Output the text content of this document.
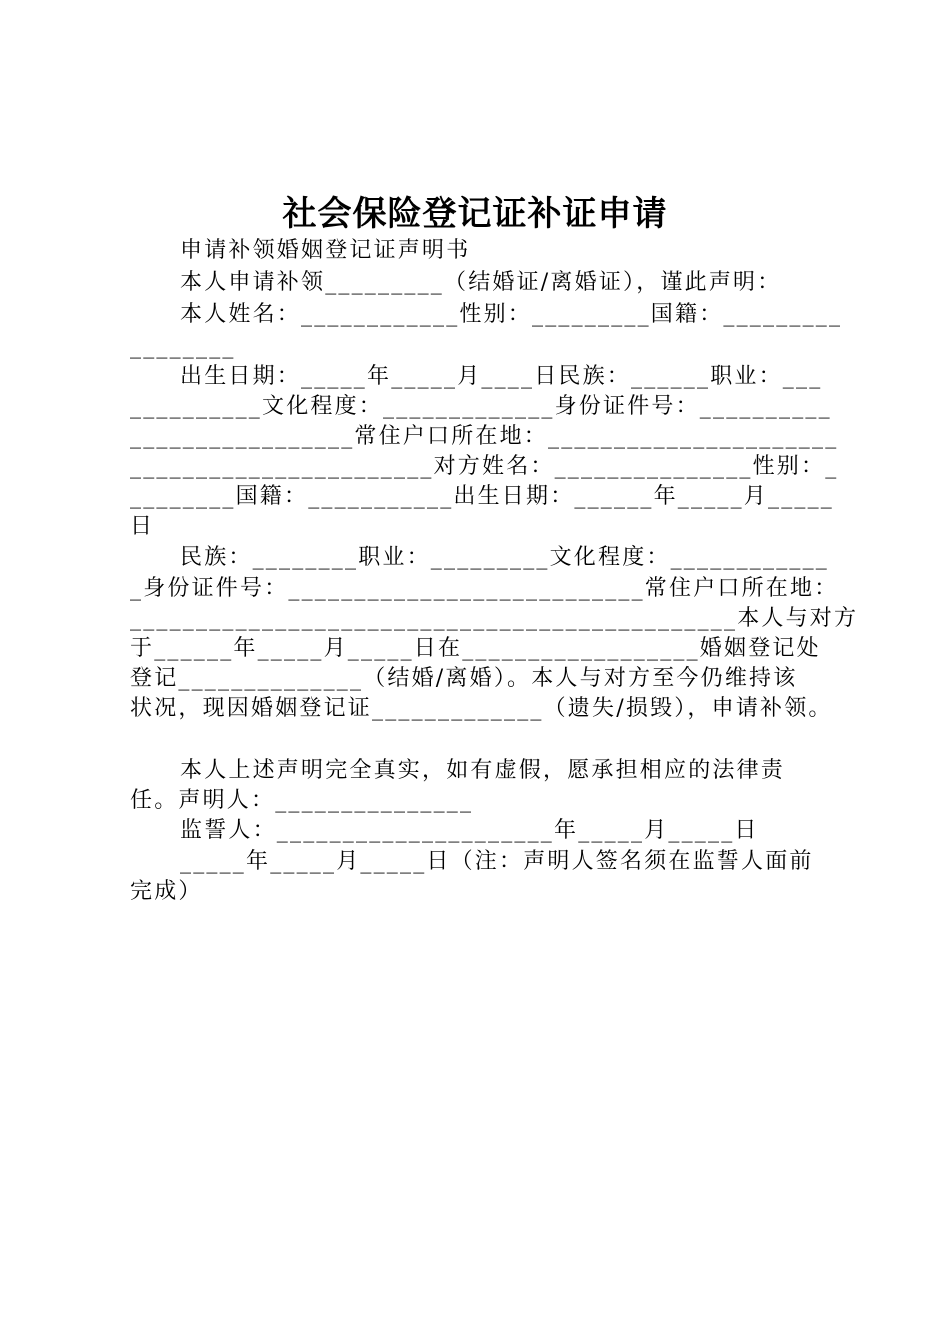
社会保险登记证补证申请
申请补领婚姻登记证声明书
本人申请补领_________（结婚证/离婚证），谨此声明：
本人姓名：____________性别：_________国籍：_________
________
出生日期：_____年_____月____日民族：______职业：___
__________文化程度：_____________身份证件号：__________
_________________常住户口所在地：______________________
_______________________对方姓名：_______________性别：_
________国籍：___________出生日期：______年_____月_____
日
民族：________职业：_________文化程度：____________
_身份证件号：___________________________常住户口所在地：
______________________________________________本人与对方
于______年_____月_____日在__________________婚姻登记处
登记______________（结婚/离婚）。本人与对方至今仍维持该
状况，现因婚姻登记证_____________（遗失/损毁），申请补领。
本人上述声明完全真实，如有虚假，愿承担相应的法律责
任。声明人：_______________
监誓人：_____________________年_____月_____日
_____年_____月_____日（注：声明人签名须在监誓人面前
完成）
